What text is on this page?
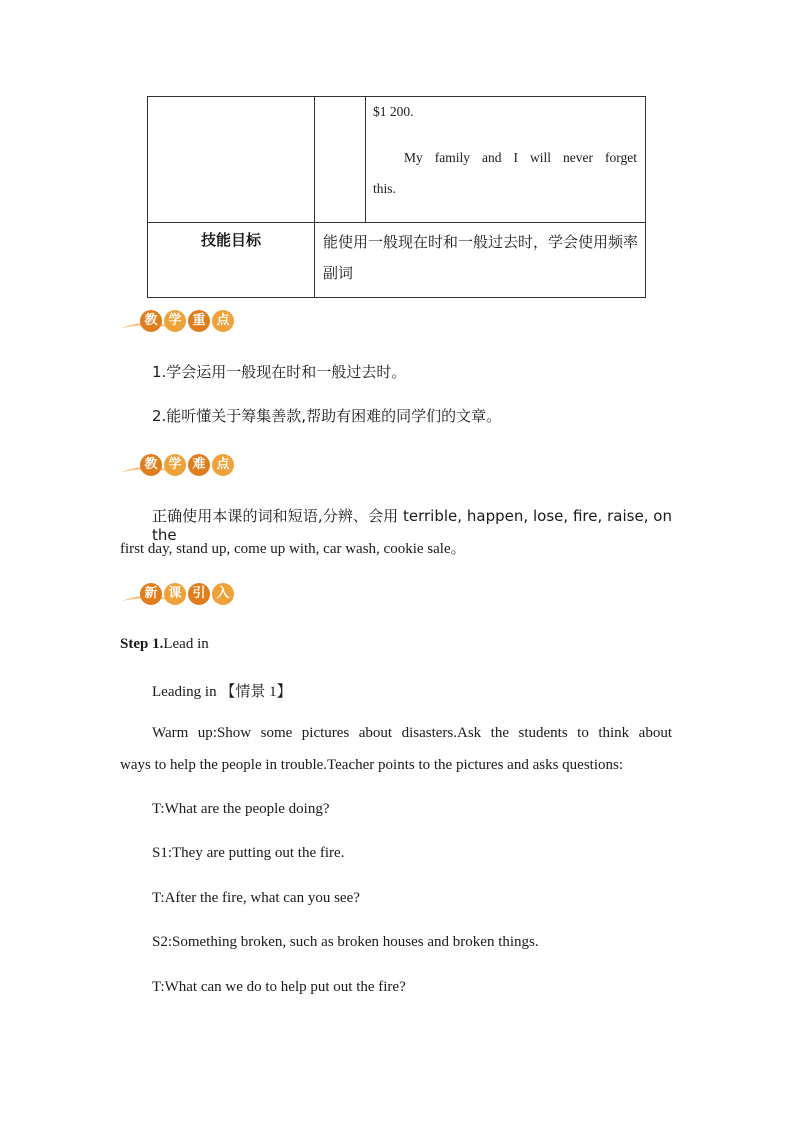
$1 200.
My family and I will never forget
this.
技能目标	能使用一般现在时和一般过去时，学会使用频率副词
教 学 重 点
1.学会运用一般现在时和一般过去时。
2.能听懂关于筹集善款,帮助有困难的同学们的文章。
教 学 难 点
正确使用本课的词和短语,分辨、会用 terrible, happen, lose, fire, raise, on the
first day, stand up, come up with, car wash, cookie sale。
新 课 引 入
Step 1.Lead in
Leading in 【情景 1】
Warm up:Show some pictures about disasters.Ask the students to think about
ways to help the people in trouble.Teacher points to the pictures and asks questions:
T:What are the people doing?
S1:They are putting out the fire.
T:After the fire, what can you see?
S2:Something broken, such as broken houses and broken things.
T:What can we do to help put out the fire?
